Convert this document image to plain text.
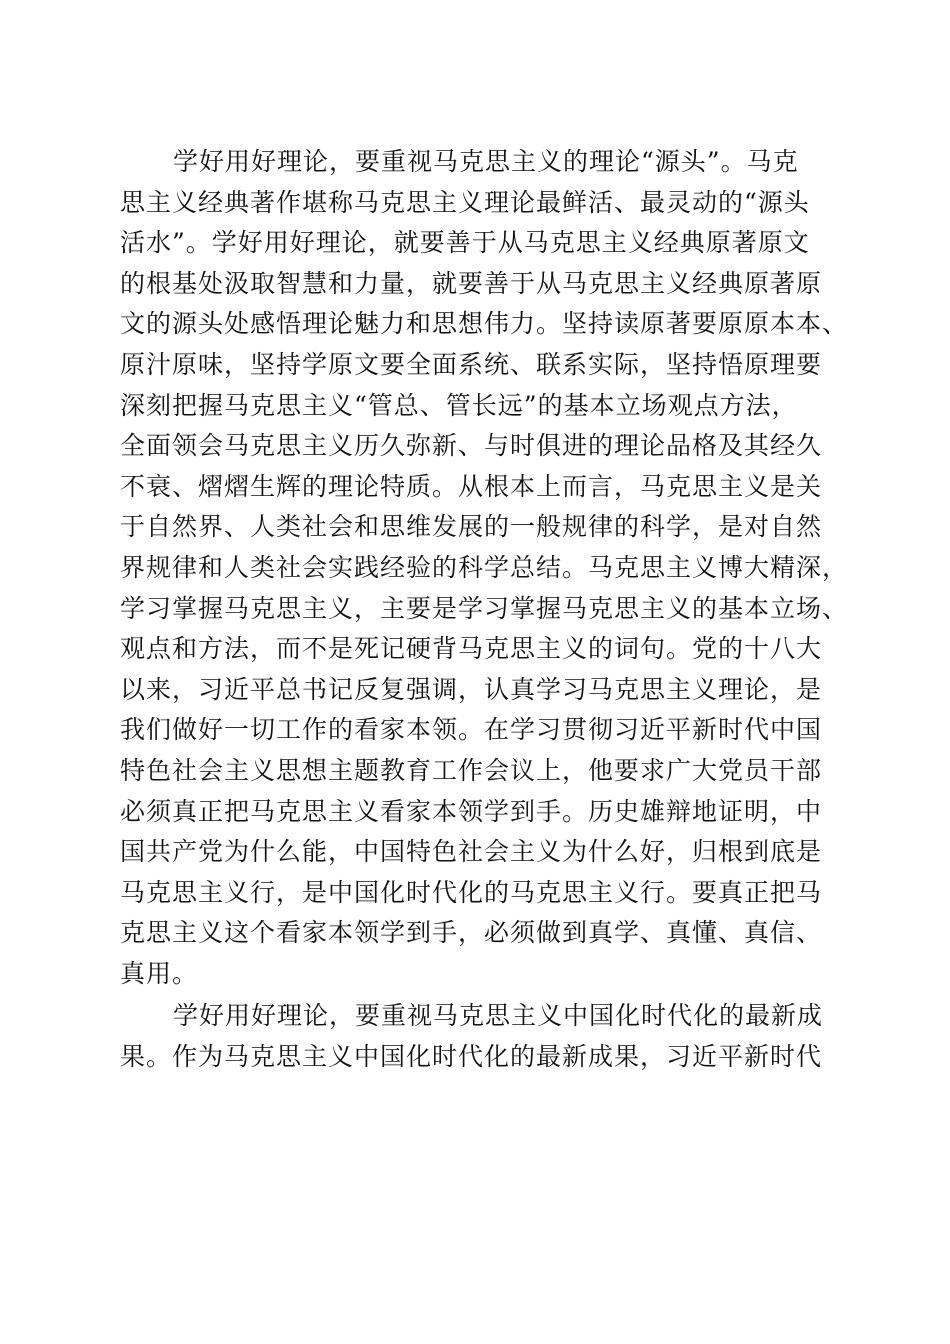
学好用好理论，要重视马克思主义的理论“源头”。马克
思主义经典著作堪称马克思主义理论最鲜活、最灵动的“源头
活水”。学好用好理论，就要善于从马克思主义经典原著原文
的根基处汲取智慧和力量，就要善于从马克思主义经典原著原
文的源头处感悟理论魅力和思想伟力。坚持读原著要原原本本、
原汁原味，坚持学原文要全面系统、联系实际，坚持悟原理要
深刻把握马克思主义“管总、管长远”的基本立场观点方法，
全面领会马克思主义历久弥新、与时俱进的理论品格及其经久
不衰、熠熠生辉的理论特质。从根本上而言，马克思主义是关
于自然界、人类社会和思维发展的一般规律的科学，是对自然
界规律和人类社会实践经验的科学总结。马克思主义博大精深，
学习掌握马克思主义，主要是学习掌握马克思主义的基本立场、
观点和方法，而不是死记硬背马克思主义的词句。党的十八大
以来，习近平总书记反复强调，认真学习马克思主义理论，是
我们做好一切工作的看家本领。在学习贯彻习近平新时代中国
特色社会主义思想主题教育工作会议上，他要求广大党员干部
必须真正把马克思主义看家本领学到手。历史雄辩地证明，中
国共产党为什么能，中国特色社会主义为什么好，归根到底是
马克思主义行，是中国化时代化的马克思主义行。要真正把马
克思主义这个看家本领学到手，必须做到真学、真懂、真信、
真用。
学好用好理论，要重视马克思主义中国化时代化的最新成
果。作为马克思主义中国化时代化的最新成果，习近平新时代
